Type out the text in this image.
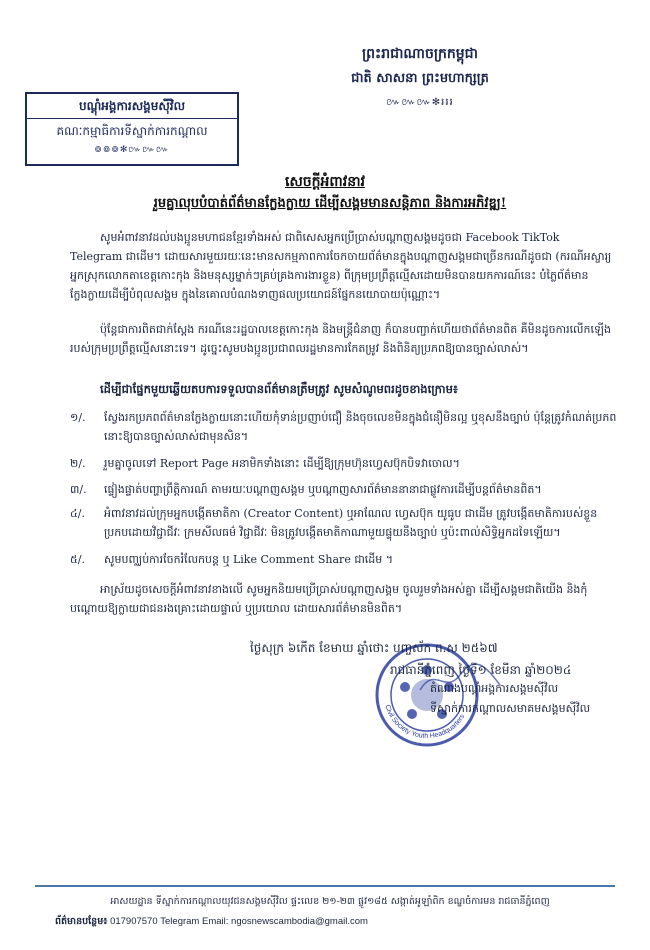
ព្រះរាជាណាចក្រកម្ពុជា
ជាតិ សាសនា ព្រះមហាក្សត្រ
៚៚៚✻៛៛៛
បណ្តុំអង្គការសង្គមស៊ីវិល
គណៈកម្មាធិការទីស្នាក់ការកណ្តាល
៙៙៙✻៚៚៚
សេចក្តីអំពាវនាវ
រួមគ្នាលុបបំបាត់ព័ត៌មានក្លែងក្លាយ ដើម្បីសង្គមមានសន្តិភាព និងការអភិវឌ្ឍ!
សូមអំពាវនាវដល់បងប្អូនមហាជនខ្មែរទាំងអស់ ជាពិសេសអ្នកប្រើប្រាស់បណ្តាញសង្គមដូចជា Facebook TikTok Telegram ជាដើម។ ដោយសារមួយរយៈនេះមានសកម្មភាពការចែកចាយព័ត៌មានក្នុងបណ្តាញសង្គមជាច្រើនករណីដូចជា (ករណីអស្ចារ្យអ្នកស្រុកលោកតាខេត្តកោះកុង និងមនុស្សម្នាក់ៗគ្រប់គ្រងការងារខ្លួន) ពីក្រុមប្រព្រឹត្តល្មើសដោយមិនបានយកការណ៍នេះ បំភ្លៃព័ត៌មានក្លែងក្លាយដើម្បីបំពុលសង្គម ក្នុងនៃគោលបំណងទាញផលប្រយោជន៍ផ្នែកនយោបាយប៉ុណ្ណោះ។
ប៉ុន្តែជាការពិតជាក់ស្តែង ករណីនេះរដ្ឋបាលខេត្តកោះកុង និងមន្ត្រីជំនាញ ក៏បានបញ្ជាក់ហើយថាព័ត៌មានពិត គឺមិនដូចការលើកឡើងរបស់ក្រុមប្រព្រឹត្តល្មើសនោះទេ។ ដូច្នេះសូមបងប្អូនប្រជាពលរដ្ឋមានការកែតម្រូវ និងពិនិត្យប្រភពឱ្យបានច្បាស់លាស់។
ដើម្បីជាផ្នែកមួយឆ្លើយតបការទទួលបានព័ត៌មានត្រឹមត្រូវ សូមសំណូមពរដូចខាងក្រោម៖
១/.	ស្វែងរកប្រភពព័ត៌មានក្លែងក្លាយនោះហើយកុំទាន់ប្រញាប់ជឿ និងចុចលេខមិនក្នុងជំនឿមិនល្អ ឬខុសនឹងច្បាប់ ប៉ុន្តែត្រូវកំណត់ប្រភពនោះឱ្យបានច្បាស់លាស់ជាមុនសិន។
២/.	រួមគ្នាចូលទៅ Report Page អនាមិកទាំងនោះ ដើម្បីឱ្យក្រុមហ៊ុនហ្វេសប៊ុកបិទវាចោល។
៣/.	ផ្ទៀងផ្ទាត់បញ្ហាព្រឹត្តិការណ៍ តាមរយៈបណ្តាញសង្គម ឬបណ្តាញសារព័ត៌មាននានាជាផ្លូវការដើម្បីបន្តព័ត៌មានពិត។
៤/.	អំពាវនាវដល់ក្រុមអ្នកបង្កើតមាតិកា (Creator Content) ឬអាណែល ហ្វេសប៊ុក យូធូប ជាដើម ត្រូវបង្កើតមាតិការបស់ខ្លួនប្រកបដោយវិជ្ជាជីវៈ ក្រមសីលធម៌ វិជ្ជាជីវៈ មិនត្រូវបង្កើតមាតិកាណាមួយផ្ទុយនឹងច្បាប់ ឬប៉ះពាល់សិទ្ធិអ្នកដទៃឡើយ។
៥/.	សូមបញ្ឈប់ការចែករំលែកបន្ត ឬ Like Comment Share ជាដើម ។
អាស្រ័យដូចសេចក្តីអំពាវនាវខាងលើ សូមអ្នកនិយមប្រើប្រាស់បណ្តាញសង្គម ចូលរួមទាំងអស់គ្នា ដើម្បីសង្គមជាតិយើង និងកុំបណ្តោយឱ្យក្លាយជាជនរងគ្រោះដោយផ្ទាល់ ឬប្រយោល ដោយសារព័ត៌មានមិនពិត។
Civil Society Youth Headquarters
ថ្ងៃសុក្រ ៦កើត ខែមាឃ ឆ្នាំថោះ បញ្ចស័ក ព.ស ២៥៦៧
រាជធានីភ្នំពេញ ថ្ងៃទី១ ខែមីនា ឆ្នាំ២០២៤
តំណាងបណ្តុំអង្គការសង្គមស៊ីវិល
ទីស្នាក់ការកណ្តាលសមាគមសង្គមស៊ីវិល
អាសយដ្ឋាន ទីស្នាក់ការកណ្តាលយុវជនសង្គមស៊ីវិល ផ្ទះលេខ ២១-២៣ ផ្លូវ១៨៥ សង្កាត់អូឡាំពិក ខណ្ឌចំការមន រាជធានីភ្នំពេញ
ព័ត៌មានបន្ថែម៖ 017907570 Telegram Email: ngosnewscambodia@gmail.com
